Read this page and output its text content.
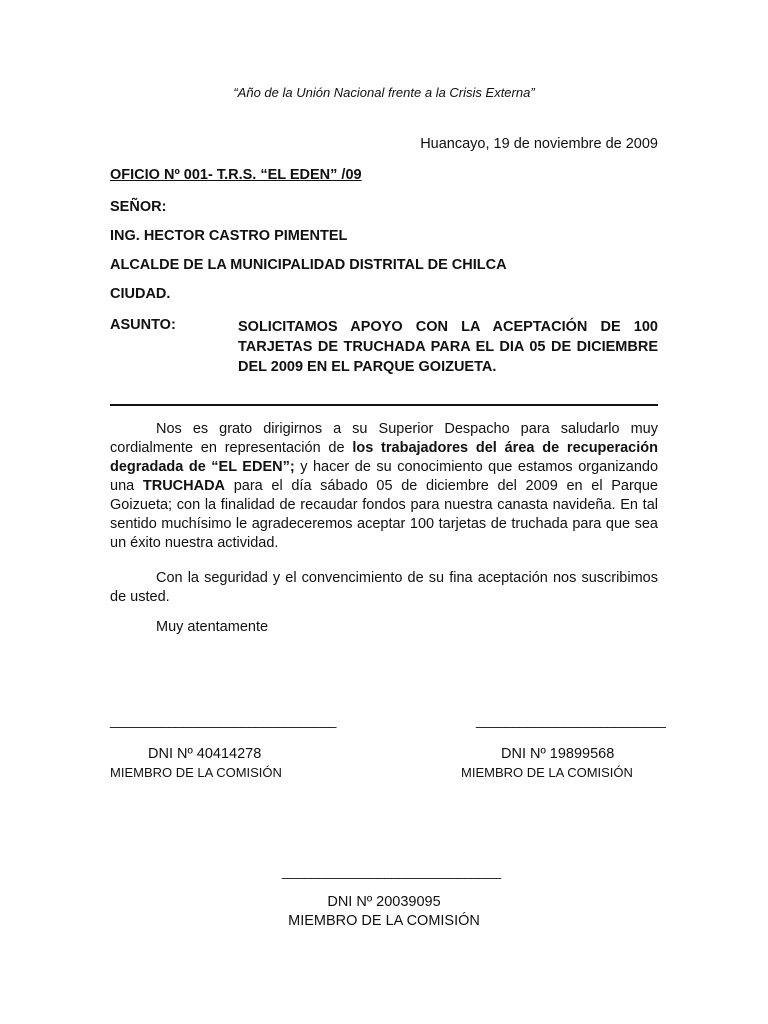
“Año de la Unión Nacional frente a la Crisis Externa”
Huancayo, 19 de noviembre de 2009
OFICIO Nº 001- T.R.S. “EL EDEN” /09
SEÑOR:
ING. HECTOR CASTRO PIMENTEL
ALCALDE DE LA MUNICIPALIDAD DISTRITAL DE CHILCA
CIUDAD.
ASUNTO:	SOLICITAMOS APOYO CON LA ACEPTACIÓN DE 100 TARJETAS DE TRUCHADA PARA EL DIA 05 DE DICIEMBRE DEL 2009 EN EL PARQUE GOIZUETA.
Nos es grato dirigirnos a su Superior Despacho para saludarlo muy cordialmente en representación de los trabajadores del área de recuperación degradada de “EL EDEN”; y hacer de su conocimiento que estamos organizando una TRUCHADA para el día sábado 05 de diciembre del 2009 en el Parque Goizueta; con la finalidad de recaudar fondos para nuestra canasta navideña. En tal sentido muchísimo le agradeceremos aceptar 100 tarjetas de truchada para que sea un éxito nuestra actividad.
Con la seguridad y el convencimiento de su fina aceptación nos suscribimos de usted.
Muy atentamente
_______________________________
DNI Nº 40414278
MIEMBRO DE LA COMISIÓN
__________________________
DNI Nº 19899568
MIEMBRO DE LA COMISIÓN
______________________________
DNI Nº 20039095
MIEMBRO DE LA COMISIÓN
